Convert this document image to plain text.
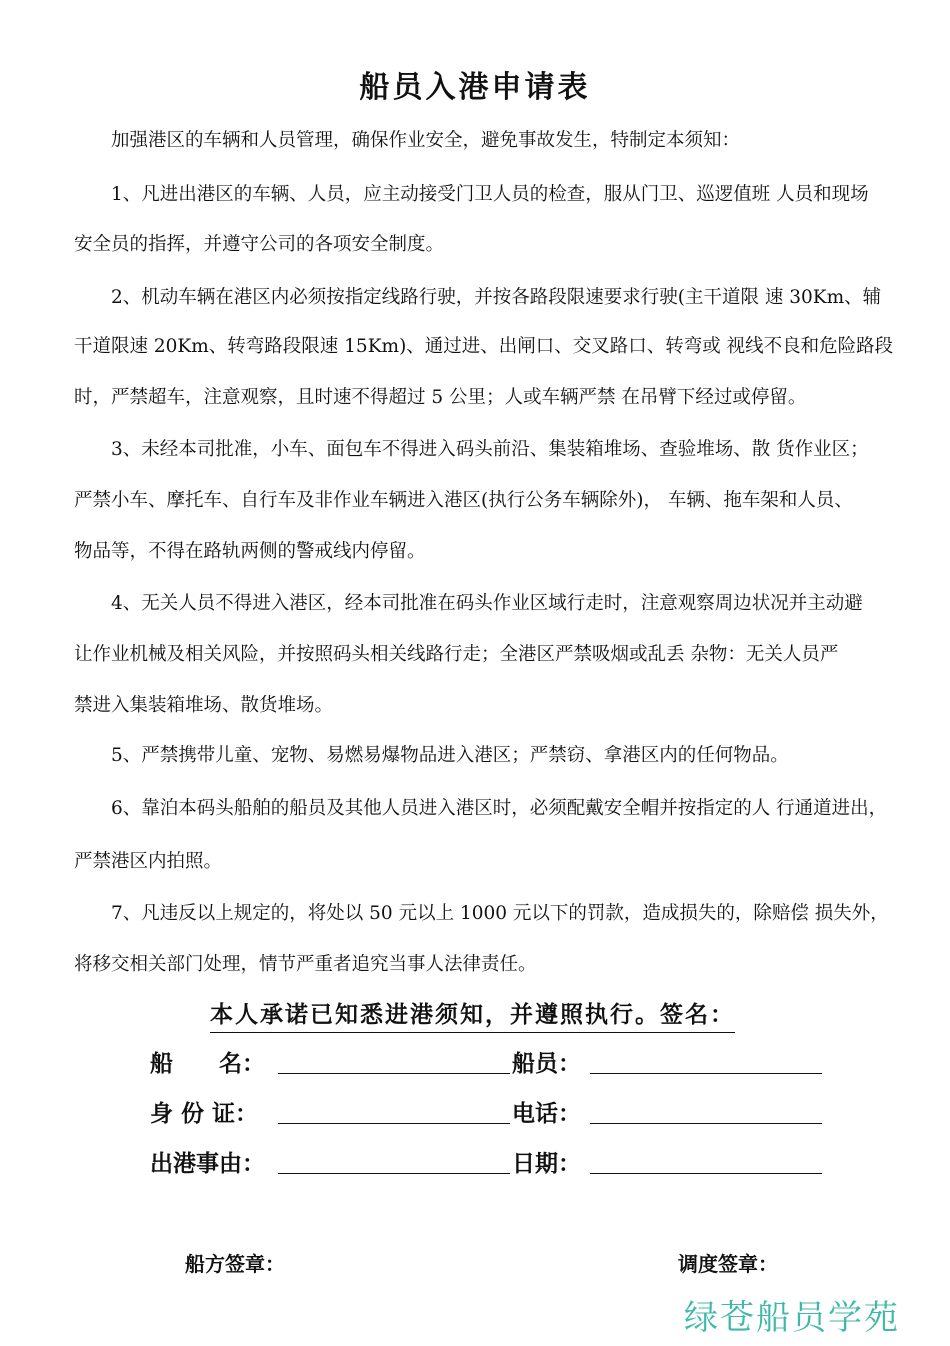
船员入港申请表
加强港区的车辆和人员管理，确保作业安全，避免事故发生，特制定本须知：
1、凡进出港区的车辆、人员，应主动接受门卫人员的检查，服从门卫、巡逻值班 人员和现场
安全员的指挥，并遵守公司的各项安全制度。
2、机动车辆在港区内必须按指定线路行驶，并按各路段限速要求行驶(主干道限 速 30Km、辅
干道限速 20Km、转弯路段限速 15Km)、通过进、出闸口、交叉路口、转弯或 视线不良和危险路段
时，严禁超车，注意观察，且时速不得超过 5 公里；人或车辆严禁 在吊臂下经过或停留。
3、未经本司批准，小车、面包车不得进入码头前沿、集装箱堆场、查验堆场、散 货作业区；
严禁小车、摩托车、自行车及非作业车辆进入港区(执行公务车辆除外)， 车辆、拖车架和人员、
物品等，不得在路轨两侧的警戒线内停留。
4、无关人员不得进入港区，经本司批准在码头作业区域行走时，注意观察周边状况并主动避
让作业机械及相关风险，并按照码头相关线路行走；全港区严禁吸烟或乱丢 杂物：无关人员严
禁进入集装箱堆场、散货堆场。
5、严禁携带儿童、宠物、易燃易爆物品进入港区；严禁窃、拿港区内的任何物品。
6、靠泊本码头船舶的船员及其他人员进入港区时，必须配戴安全帽并按指定的人 行通道进出，
严禁港区内拍照。
7、凡违反以上规定的，将处以 50 元以上 1000 元以下的罚款，造成损失的，除赔偿 损失外，
将移交相关部门处理，情节严重者追究当事人法律责任。
本人承诺已知悉进港须知，并遵照执行。签名：
船　　名：	船员：
身 份 证：	电话：
出港事由：	日期：
船方签章：	调度签章：
绿苍船员学苑
